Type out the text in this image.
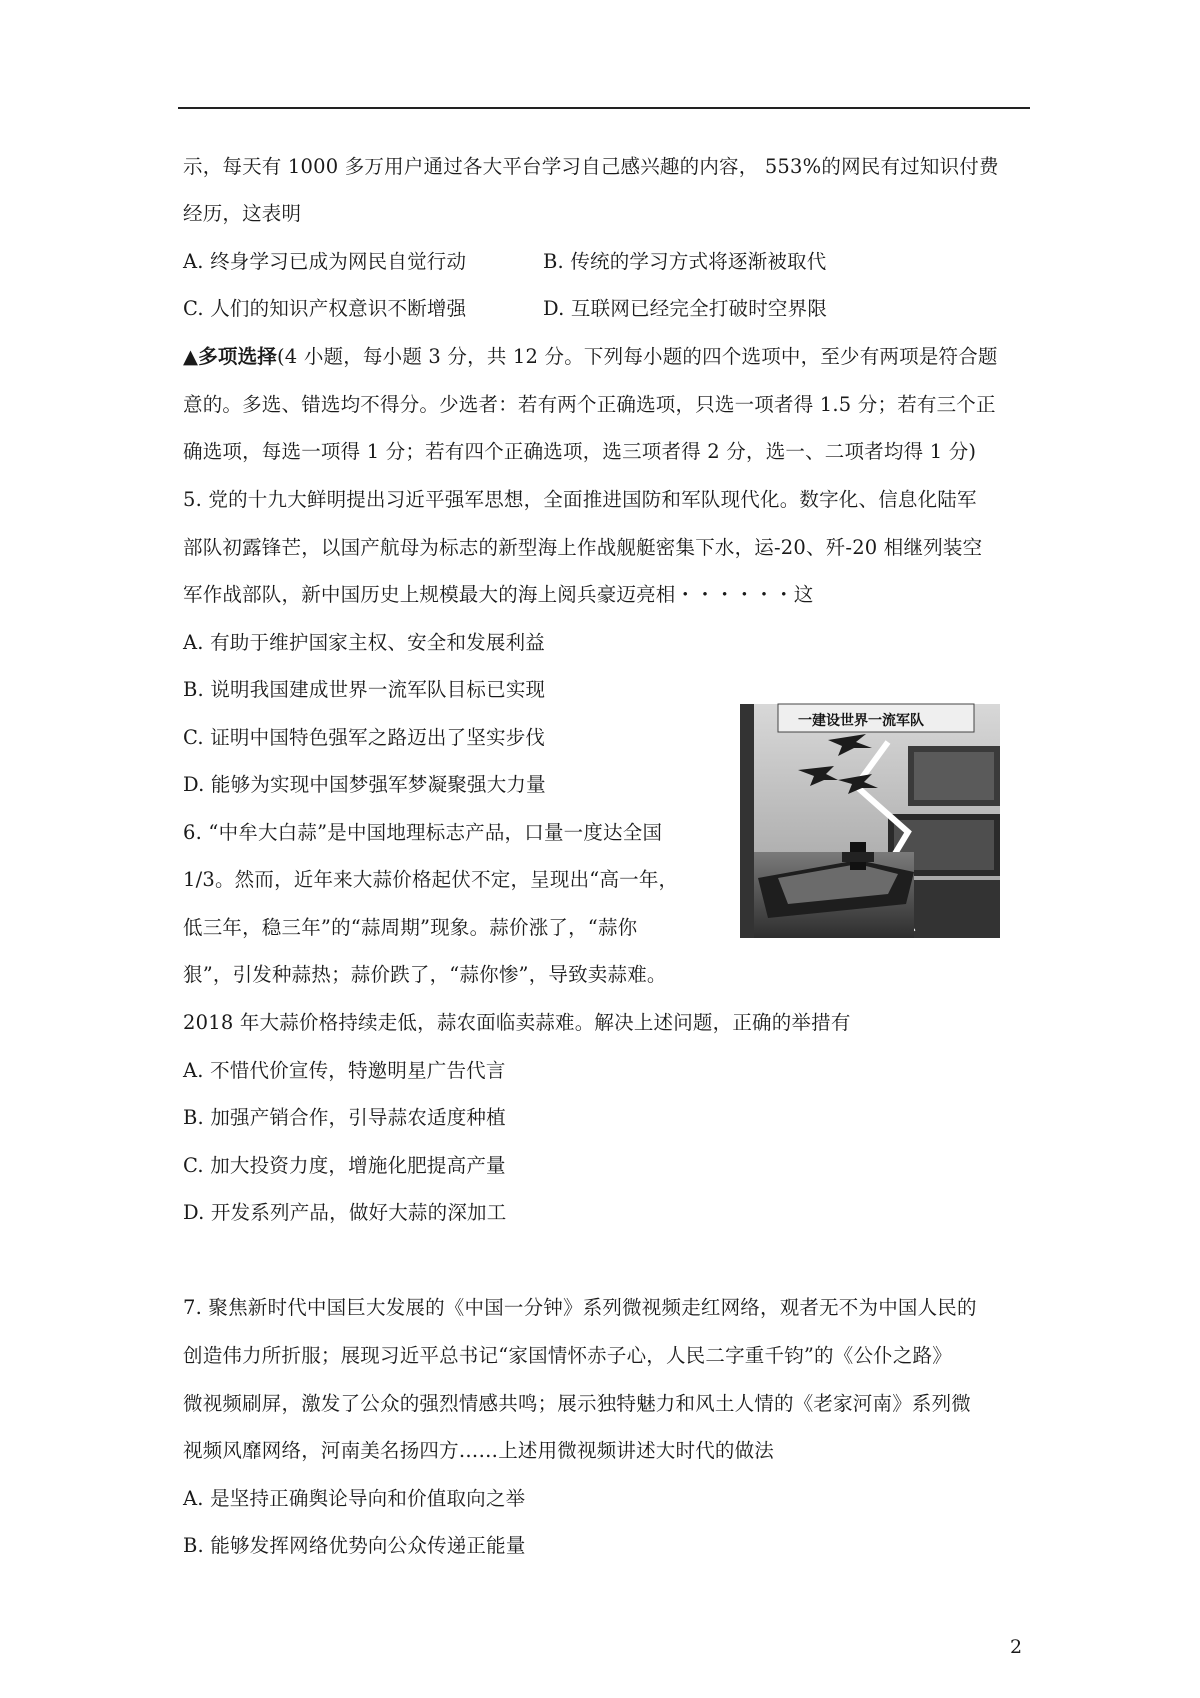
示，每天有 1000 多万用户通过各大平台学习自己感兴趣的内容， 553%的网民有过知识付费
经历，这表明
A. 终身学习已成为网民自觉行动	B. 传统的学习方式将逐渐被取代
C. 人们的知识产权意识不断增强	D. 互联网已经完全打破时空界限
▲多项选择(4 小题，每小题 3 分，共 12 分。下列每小题的四个选项中，至少有两项是符合题
意的。多选、错选均不得分。少选者：若有两个正确选项，只选一项者得 1.5 分；若有三个正
确选项，每选一项得 1 分；若有四个正确选项，选三项者得 2 分，选一、二项者均得 1 分)
5. 党的十九大鲜明提出习近平强军思想，全面推进国防和军队现代化。数字化、信息化陆军
部队初露锋芒，以国产航母为标志的新型海上作战舰艇密集下水，运-20、歼-20 相继列装空
军作战部队，新中国历史上规模最大的海上阅兵豪迈亮相・・・・・・这
A. 有助于维护国家主权、安全和发展利益
B. 说明我国建成世界一流军队目标已实现
C. 证明中国特色强军之路迈出了坚实步伐
D. 能够为实现中国梦强军梦凝聚强大力量
一建设世界一流军队
6. “中牟大白蒜”是中国地理标志产品，口量一度达全国
1/3。然而，近年来大蒜价格起伏不定，呈现出“高一年，
低三年，稳三年”的“蒜周期”现象。蒜价涨了，“蒜你
狠”，引发种蒜热；蒜价跌了，“蒜你惨”，导致卖蒜难。
2018 年大蒜价格持续走低，蒜农面临卖蒜难。解决上述问题，正确的举措有
A. 不惜代价宣传，特邀明星广告代言
B. 加强产销合作，引导蒜农适度种植
C. 加大投资力度，增施化肥提高产量
D. 开发系列产品，做好大蒜的深加工
7. 聚焦新时代中国巨大发展的《中国一分钟》系列微视频走红网络，观者无不为中国人民的
创造伟力所折服；展现习近平总书记“家国情怀赤子心，人民二字重千钧”的《公仆之路》
微视频刷屏，激发了公众的强烈情感共鸣；展示独特魅力和风土人情的《老家河南》系列微
视频风靡网络，河南美名扬四方……上述用微视频讲述大时代的做法
A. 是坚持正确舆论导向和价值取向之举
B. 能够发挥网络优势向公众传递正能量
2
